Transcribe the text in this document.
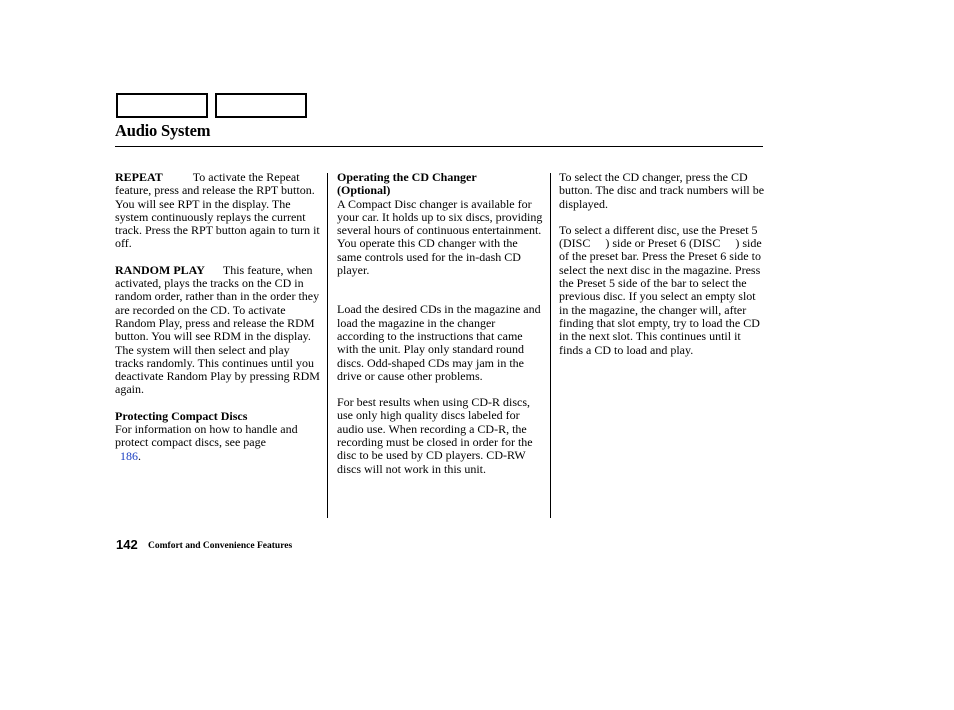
Audio System

REPEAT	To activate the Repeat feature, press and release the RPT button. You will see RPT in the display. The system continuously replays the current track. Press the RPT button again to turn it off.

RANDOM PLAY This feature, when activated, plays the tracks on the CD in random order, rather than in the order they are recorded on the CD. To activate Random Play, press and release the RDM button. You will see RDM in the display. The system will then select and play tracks randomly. This continues until you deactivate Random Play by pressing RDM again.

Protecting Compact Discs
For information on how to handle and protect compact discs, see page
186.
Operating the CD Changer
(Optional)

A Compact Disc changer is available for your car. It holds up to six discs, providing several hours of continuous entertainment. You operate this CD changer with the same controls used for the in-dash CD player.

Load the desired CDs in the magazine and load the magazine in the changer according to the instructions that came with the unit. Play only standard round discs. Odd-shaped CDs may jam in the drive or cause other problems.

For best results when using CD-R discs, use only high quality discs labeled for audio use. When recording a CD-R, the recording must be closed in order for the disc to be used by CD players. CD-RW discs will not work in this unit.

To select the CD changer, press the CD button. The disc and track numbers will be displayed.

To select a different disc, use the Preset 5 (DISC     ) side or Preset 6 (DISC     ) side of the preset bar. Press the Preset 6 side to select the next disc in the magazine. Press the Preset 5 side of the bar to select the previous disc. If you select an empty slot in the magazine, the changer will, after finding that slot empty, try to load the CD in the next slot. This continues until it finds a CD to load and play.

142 Comfort and Convenience Features
